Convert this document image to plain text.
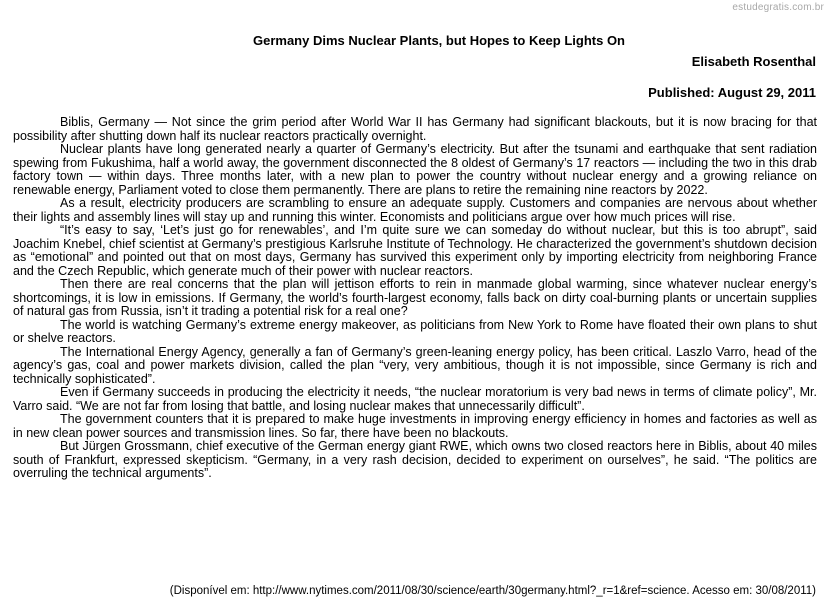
estudegratis.com.br
Germany Dims Nuclear Plants, but Hopes to Keep Lights On
Elisabeth Rosenthal
Published: August 29, 2011

Biblis, Germany — Not since the grim period after World War II has Germany had significant blackouts, but it is now bracing for that possibility after shutting down half its nuclear reactors practically overnight.

Nuclear plants have long generated nearly a quarter of Germany’s electricity. But after the tsunami and earthquake that sent radiation spewing from Fukushima, half a world away, the government disconnected the 8 oldest of Germany’s 17 reactors — including the two in this drab factory town — within days. Three months later, with a new plan to power the country without nuclear energy and a growing reliance on renewable energy, Parliament voted to close them permanently. There are plans to retire the remaining nine reactors by 2022.

As a result, electricity producers are scrambling to ensure an adequate supply. Customers and companies are nervous about whether their lights and assembly lines will stay up and running this winter. Economists and politicians argue over how much prices will rise.

“It’s easy to say, ‘Let’s just go for renewables’, and I’m quite sure we can someday do without nuclear, but this is too abrupt”, said Joachim Knebel, chief scientist at Germany’s prestigious Karlsruhe Institute of Technology. He characterized the government’s shutdown decision as “emotional” and pointed out that on most days, Germany has survived this experiment only by importing electricity from neighboring France and the Czech Republic, which generate much of their power with nuclear reactors.

Then there are real concerns that the plan will jettison efforts to rein in manmade global warming, since whatever nuclear energy’s shortcomings, it is low in emissions. If Germany, the world’s fourth-largest economy, falls back on dirty coal-burning plants or uncertain supplies of natural gas from Russia, isn’t it trading a potential risk for a real one?

The world is watching Germany’s extreme energy makeover, as politicians from New York to Rome have floated their own plans to shut or shelve reactors.

The International Energy Agency, generally a fan of Germany’s green-leaning energy policy, has been critical. Laszlo Varro, head of the agency’s gas, coal and power markets division, called the plan “very, very ambitious, though it is not impossible, since Germany is rich and technically sophisticated”.

Even if Germany succeeds in producing the electricity it needs, “the nuclear moratorium is very bad news in terms of climate policy”, Mr. Varro said. “We are not far from losing that battle, and losing nuclear makes that unnecessarily difficult”.

The government counters that it is prepared to make huge investments in improving energy efficiency in homes and factories as well as in new clean power sources and transmission lines. So far, there have been no blackouts.

But Jürgen Grossmann, chief executive of the German energy giant RWE, which owns two closed reactors here in Biblis, about 40 miles south of Frankfurt, expressed skepticism. “Germany, in a very rash decision, decided to experiment on ourselves”, he said. “The politics are overruling the technical arguments”.

(Disponível em: http://www.nytimes.com/2011/08/30/science/earth/30germany.html?_r=1&ref=science. Acesso em: 30/08/2011)
